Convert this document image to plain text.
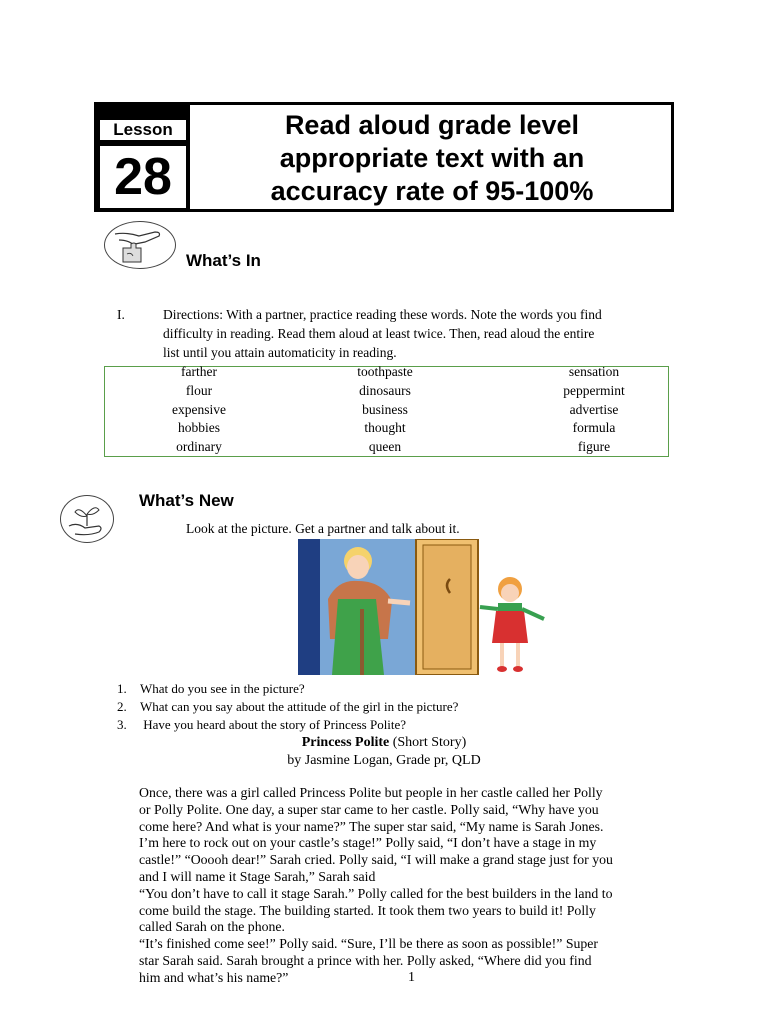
Lesson
28
Read aloud grade level
appropriate text with an
accuracy rate of 95-100%
What’s In
I.	Directions: With a partner, practice reading these words. Note the words you find
difficulty in reading. Read them aloud at least twice. Then, read aloud the entire
list until you attain automaticity in reading.
farther
flour
expensive
hobbies
ordinary
toothpaste
dinosaurs
business
thought
queen
sensation
peppermint
advertise
formula
figure
What’s New
Look at the picture. Get a partner and talk about it.
1. What do you see in the picture?
2. What can you say about the attitude of the girl in the picture?
3. Have you heard about the story of Princess Polite?
Princess Polite (Short Story)
by Jasmine Logan, Grade pr, QLD
Once, there was a girl called Princess Polite but people in her castle called her Polly
or Polly Polite. One day, a super star came to her castle. Polly said, “Why have you
come here? And what is your name?” The super star said, “My name is Sarah Jones.
I’m here to rock out on your castle’s stage!” Polly said, “I don’t have a stage in my
castle!” “Ooooh dear!” Sarah cried. Polly said, “I will make a grand stage just for you
and I will name it Stage Sarah,” Sarah said
“You don’t have to call it stage Sarah.” Polly called for the best builders in the land to
come build the stage. The building started. It took them two years to build it! Polly
called Sarah on the phone.
“It’s finished come see!” Polly said. “Sure, I’ll be there as soon as possible!” Super
star Sarah said. Sarah brought a prince with her. Polly asked, “Where did you find
him and what’s his name?”	1
